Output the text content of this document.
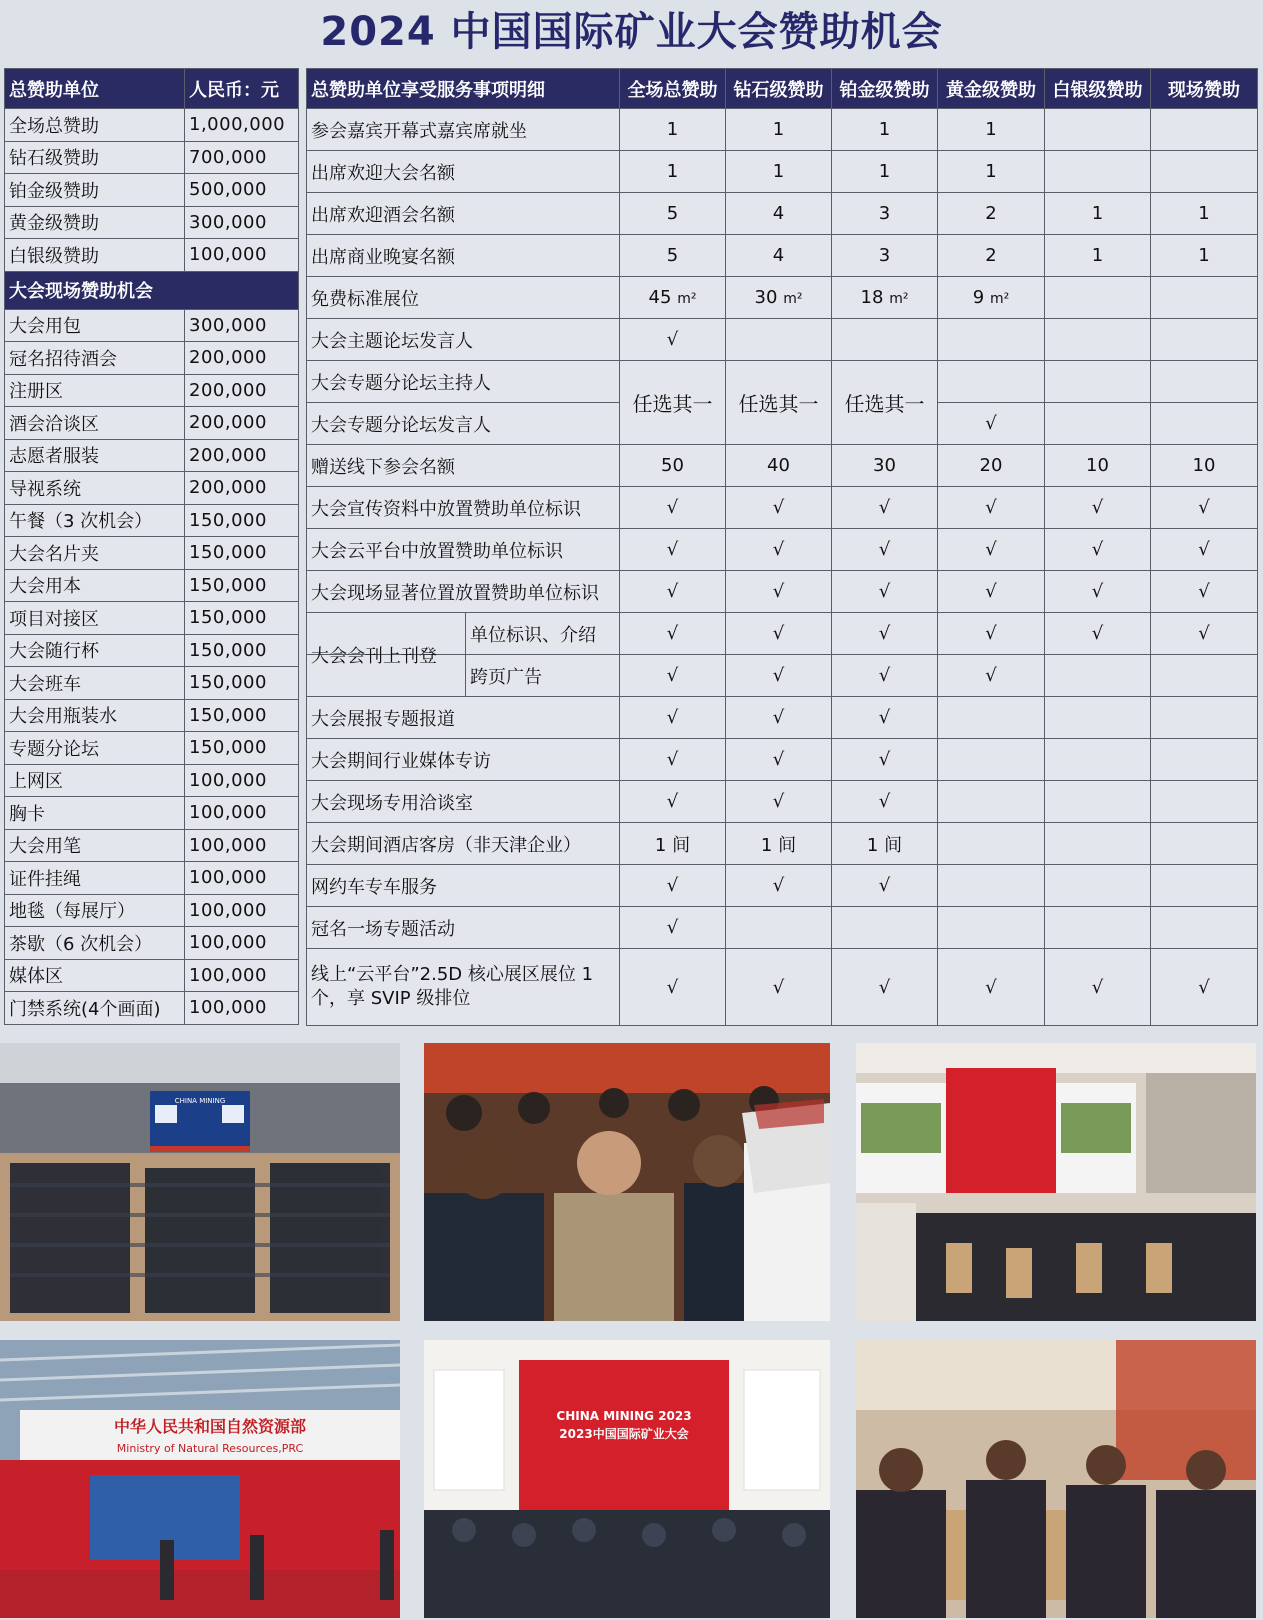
2024 中国国际矿业大会赞助机会
总赞助单位	人民币：元
全场总赞助	1,000,000
钻石级赞助	700,000
铂金级赞助	500,000
黄金级赞助	300,000
白银级赞助	100,000
大会现场赞助机会	
大会用包	300,000
冠名招待酒会	200,000
注册区	200,000
酒会洽谈区	200,000
志愿者服装	200,000
导视系统	200,000
午餐（3 次机会）	150,000
大会名片夹	150,000
大会用本	150,000
项目对接区	150,000
大会随行杯	150,000
大会班车	150,000
大会用瓶装水	150,000
专题分论坛	150,000
上网区	100,000
胸卡	100,000
大会用笔	100,000
证件挂绳	100,000
地毯（每展厅）	100,000
茶歇（6 次机会）	100,000
媒体区	100,000
门禁系统(4个画面)	100,000
总赞助单位享受服务事项明细	全场总赞助	钻石级赞助	铂金级赞助	黄金级赞助	白银级赞助	现场赞助
参会嘉宾开幕式嘉宾席就坐	1	1	1	1		
出席欢迎大会名额	1	1	1	1		
出席欢迎酒会名额	5	4	3	2	1	1
出席商业晚宴名额	5	4	3	2	1	1
免费标准展位	45 m²	30 m²	18 m²	9 m²		
大会主题论坛发言人	√					
大会专题分论坛主持人	任选其一	任选其一	任选其一			
大会专题分论坛发言人				√		
赠送线下参会名额	50	40	30	20	10	10
大会宣传资料中放置赞助单位标识	√	√	√	√	√	√
大会云平台中放置赞助单位标识	√	√	√	√	√	√
大会现场显著位置放置赞助单位标识	√	√	√	√	√	√

大会会刊上刊登
单位标识、介绍	√	√	√	√	√	√

跨页广告	√	√	√	√		
大会展报专题报道	√	√	√			
大会期间行业媒体专访	√	√	√			
大会现场专用洽谈室	√	√	√			
大会期间酒店客房（非天津企业）	1 间	1 间	1 间			
网约车专车服务	√	√	√			
冠名一场专题活动	√					
线上“云平台”2.5D 核心展区展位 1 个，享 SVIP 级排位	√	√	√	√	√	√
CHINA MINING
中华人民共和国自然资源部
Ministry of Natural Resources,PRC
CHINA MINING 2023
2023中国国际矿业大会
